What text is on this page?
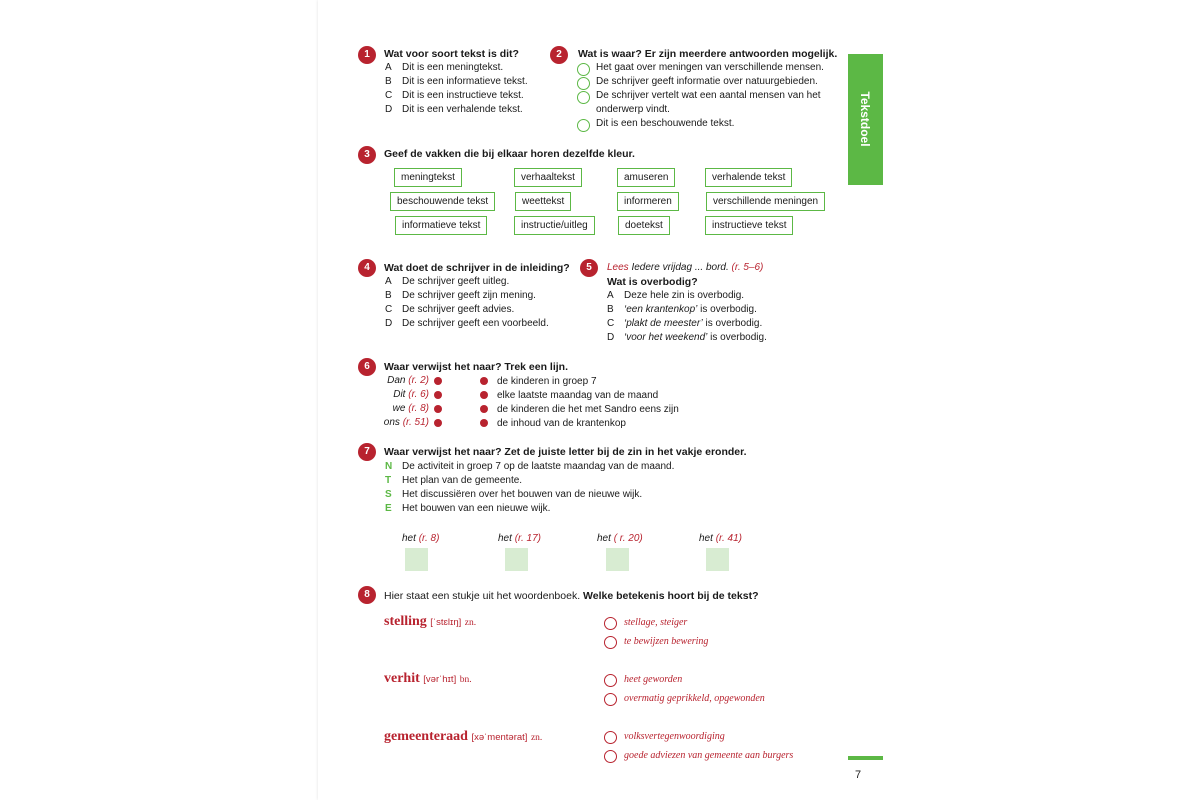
Tekstdoel
7
1	Wat voor soort tekst is dit?
A Dit is een meningtekst.
B Dit is een informatieve tekst.
C Dit is een instructieve tekst.
D Dit is een verhalende tekst.
2	Wat is waar? Er zijn meerdere antwoorden mogelijk.
Het gaat over meningen van verschillende mensen.
De schrijver geeft informatie over natuurgebieden.
De schrijver vertelt wat een aantal mensen van het
onderwerp vindt.
Dit is een beschouwende tekst.
3	Geef de vakken die bij elkaar horen dezelfde kleur.
meningtekst	verhaaltekst	amuseren	verhalende tekst
beschouwende tekst	weettekst	informeren	verschillende meningen
informatieve tekst	instructie/uitleg	doetekst	instructieve tekst
4	Wat doet de schrijver in de inleiding?
A De schrijver geeft uitleg.
B De schrijver geeft zijn mening.
C De schrijver geeft advies.
D De schrijver geeft een voorbeeld.
5	Lees Iedere vrijdag ... bord. (r. 5–6)
Wat is overbodig?
A Deze hele zin is overbodig.
B ‘een krantenkop’ is overbodig.
C ‘plakt de meester’ is overbodig.
D ‘voor het weekend’ is overbodig.
6	Waar verwijst het naar? Trek een lijn.
Dan (r. 2)
Dit (r. 6)
we (r. 8)
ons (r. 51)
de kinderen in groep 7
elke laatste maandag van de maand
de kinderen die het met Sandro eens zijn
de inhoud van de krantenkop
7	Waar verwijst het naar? Zet de juiste letter bij de zin in het vakje eronder.
N De activiteit in groep 7 op de laatste maandag van de maand.
T Het plan van de gemeente.
S Het discussiëren over het bouwen van de nieuwe wijk.
E Het bouwen van een nieuwe wijk.
het (r. 8)	het (r. 17)	het ( r. 20)	het (r. 41)
8	Hier staat een stukje uit het woordenboek. Welke betekenis hoort bij de tekst?
stelling [ˈstɛlɪŋ] zn.	stellage, steiger
te bewijzen bewering
verhit [vərˈhɪt] bn.	heet geworden
overmatig geprikkeld, opgewonden
gemeenteraad [xəˈmentərat] zn.	volksvertegenwoordiging
goede adviezen van gemeente aan burgers
